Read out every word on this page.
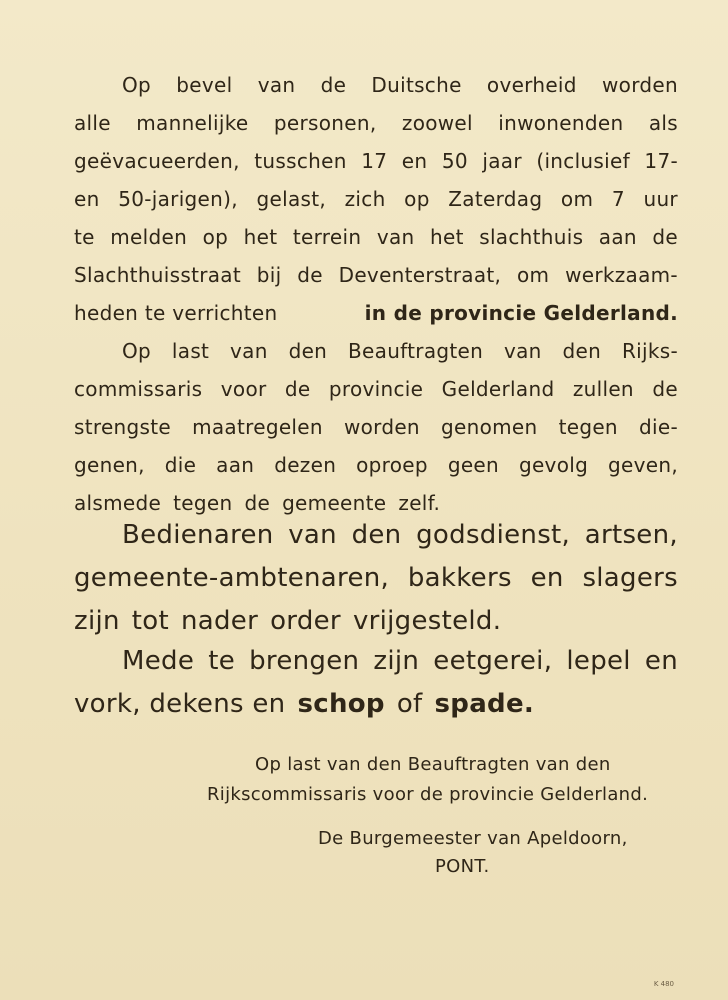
Op bevel van de Duitsche overheid worden
alle mannelijke personen, zoowel inwonenden als
geëvacueerden, tusschen 17 en 50 jaar (inclusief 17-
en 50-jarigen), gelast, zich op Zaterdag om 7 uur
te melden op het terrein van het slachthuis aan de
Slachthuisstraat bij de Deventerstraat, om werkzaam-
heden te verrichten	in de provincie Gelderland.
Op last van den Beauftragten van den Rijks-
commissaris voor de provincie Gelderland zullen de
strengste maatregelen worden genomen tegen die-
genen, die aan dezen oproep geen gevolg geven,
alsmede tegen de gemeente zelf.
Bedienaren van den godsdienst, artsen,
gemeente-ambtenaren, bakkers en slagers
zijn tot nader order vrijgesteld.
Mede te brengen zijn eetgerei, lepel en
vork, dekens en schop of spade.
Op last van den Beauftragten van den
Rijkscommissaris voor de provincie Gelderland.
De Burgemeester van Apeldoorn,
PONT.
K 480
